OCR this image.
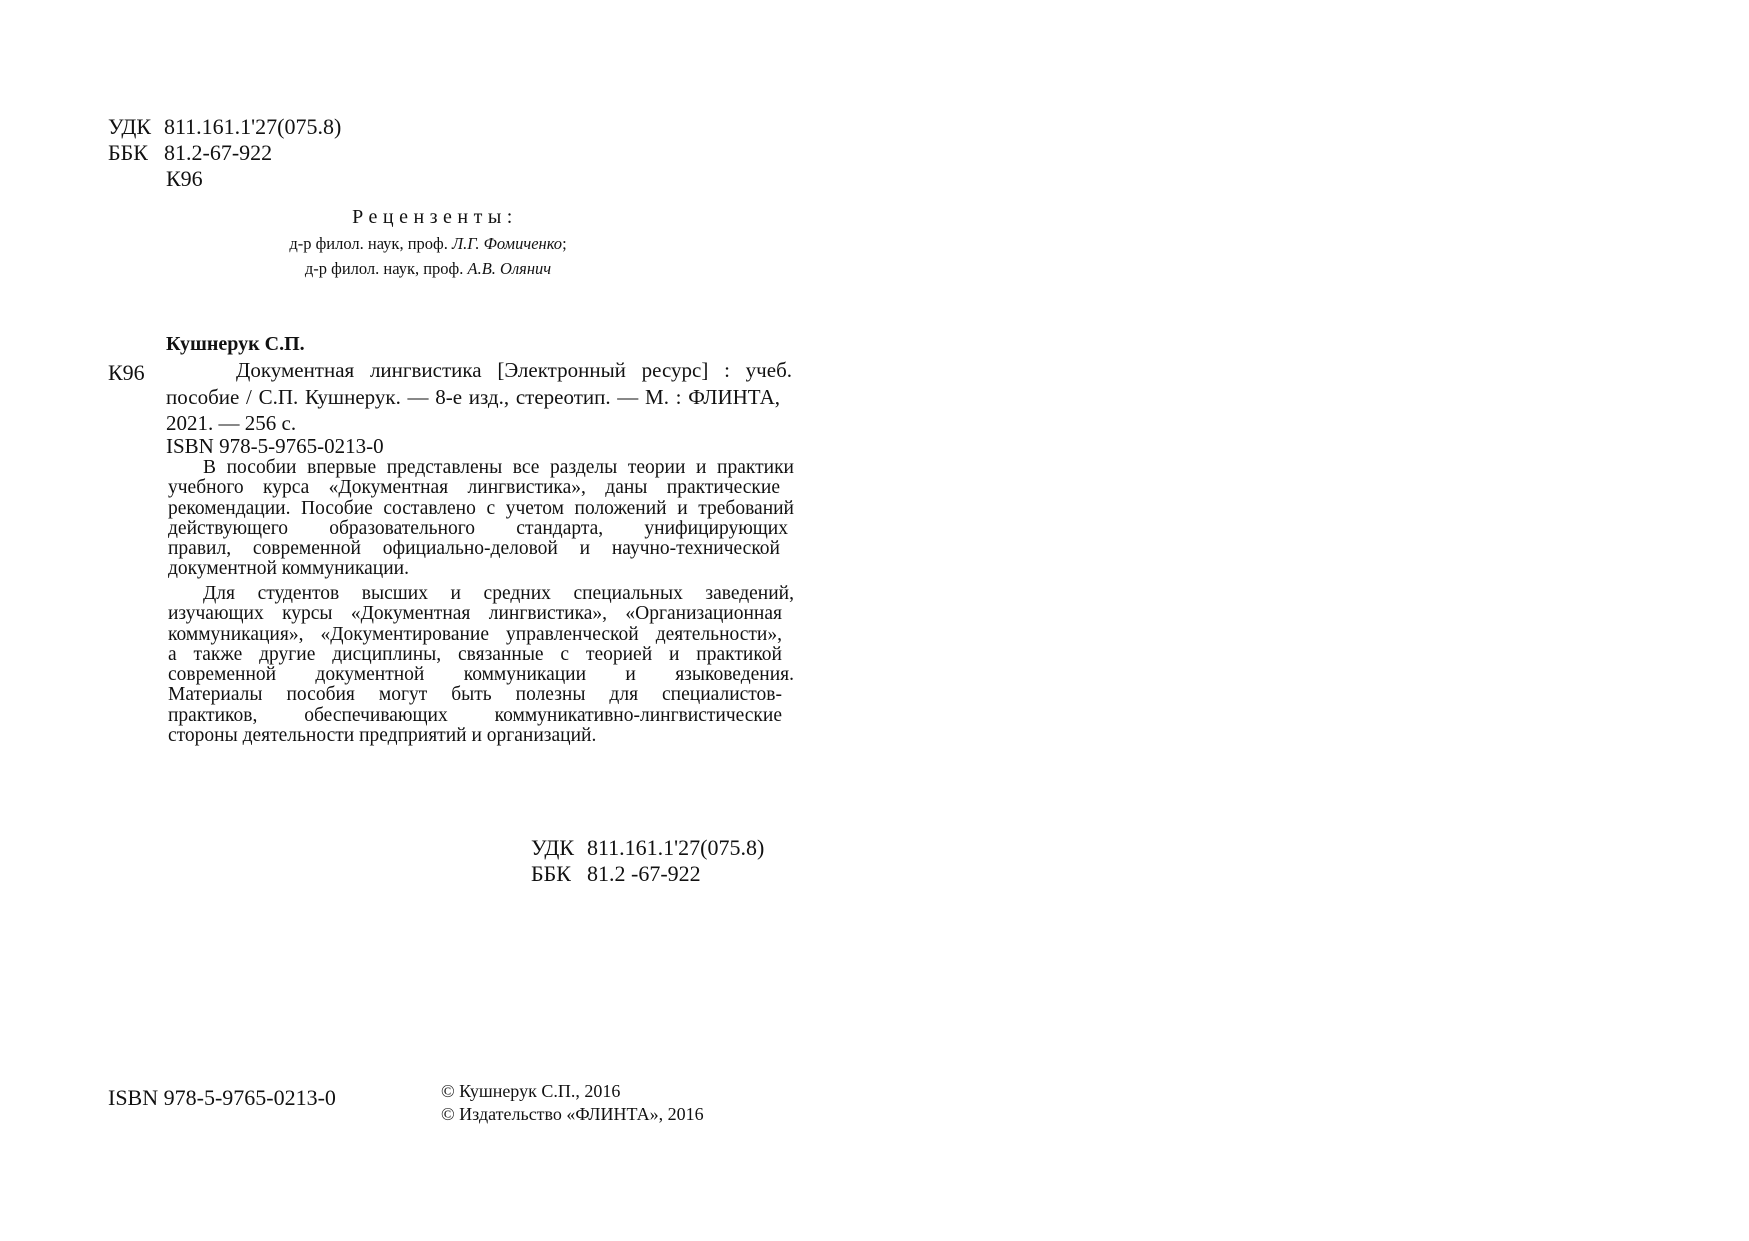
УДК 811.161.1'27(075.8)
ББК 81.2-67-922
К96
Рецензенты:
д-р филол. наук, проф. Л.Г. Фомиченко;
д-р филол. наук, проф. А.В. Олянич
Кушнерук С.П.
К96	Документная лингвистика [Электронный ресурс] : учеб.
пособие / С.П. Кушнерук. — 8-е изд., стереотип. — М. : ФЛИНТА,
2021. — 256 с.
ISBN 978-5-9765-0213-0
В пособии впервые представлены все разделы теории и практики
учебного курса «Документная лингвистика», даны практические
рекомендации. Пособие составлено с учетом положений и требований
действующего образовательного стандарта, унифицирующих
правил, современной официально-деловой и научно-технической
документной коммуникации.
Для студентов высших и средних специальных заведений,
изучающих курсы «Документная лингвистика», «Организационная
коммуникация», «Документирование управленческой деятельности»,
а также другие дисциплины, связанные с теорией и практикой
современной документной коммуникации и языковедения.
Материалы пособия могут быть полезны для специалистов-
практиков, обеспечивающих коммуникативно-лингвистические
стороны деятельности предприятий и организаций.
УДК 811.161.1'27(075.8)
ББК 81.2 -67-922
ISBN 978-5-9765-0213-0	© Кушнерук С.П., 2016
© Издательство «ФЛИНТА», 2016
